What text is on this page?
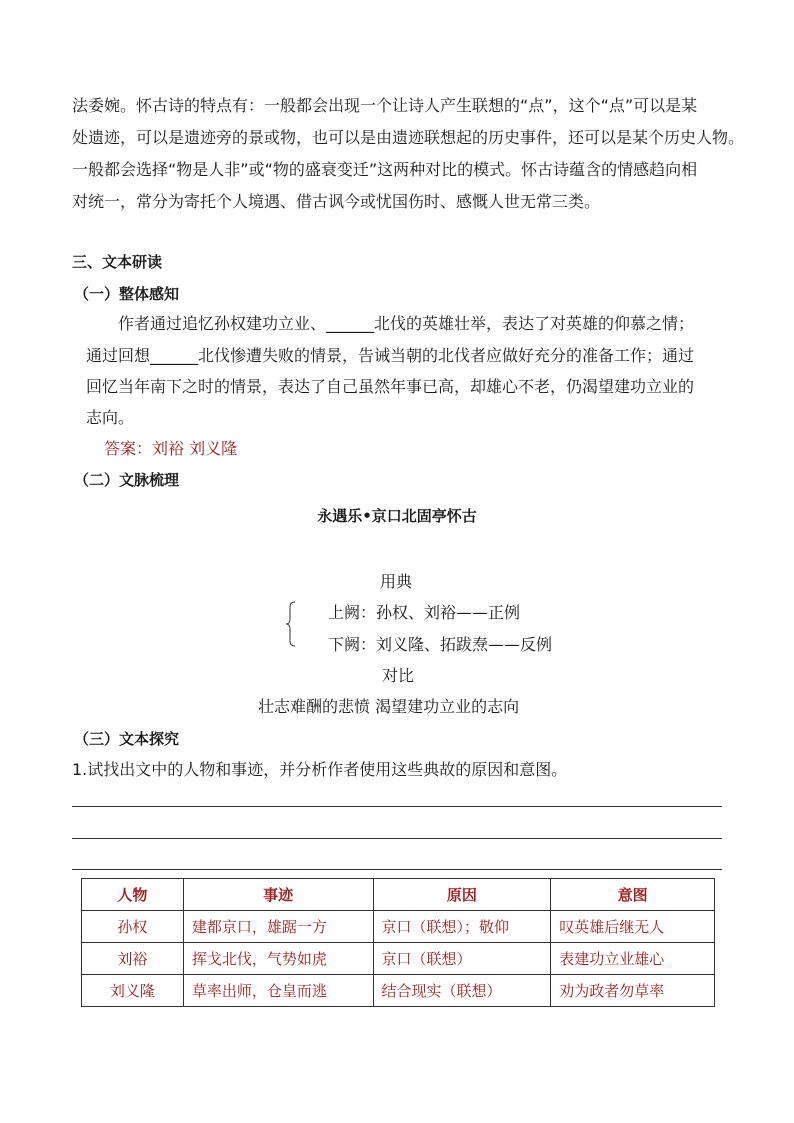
法委婉。怀古诗的特点有：一般都会出现一个让诗人产生联想的“点”，这个“点”可以是某
处遗迹，可以是遗迹旁的景或物，也可以是由遗迹联想起的历史事件，还可以是某个历史人物。
一般都会选择“物是人非”或“物的盛衰变迁”这两种对比的模式。怀古诗蕴含的情感趋向相
对统一，常分为寄托个人境遇、借古讽今或忧国伤时、感慨人世无常三类。
三、文本研读
（一）整体感知
作者通过追忆孙权建功立业、______北伐的英雄壮举，表达了对英雄的仰慕之情；
通过回想______北伐惨遭失败的情景，告诫当朝的北伐者应做好充分的准备工作；通过
回忆当年南下之时的情景，表达了自己虽然年事已高，却雄心不老，仍渴望建功立业的
志向。
答案：刘裕 刘义隆
（二）文脉梳理
永遇乐•京口北固亭怀古
用典
上阙：孙权、刘裕——正例
下阙：刘义隆、拓跋焘——反例
对比
壮志难酬的悲愤 渴望建功立业的志向
（三）文本探究
1.试找出文中的人物和事迹，并分析作者使用这些典故的原因和意图。
人物	事迹	原因	意图
孙权	建都京口，雄踞一方	京口（联想）；敬仰	叹英雄后继无人
刘裕	挥戈北伐，气势如虎	京口（联想）	表建功立业雄心
刘义隆	草率出师，仓皇而逃	结合现实（联想）	劝为政者勿草率
